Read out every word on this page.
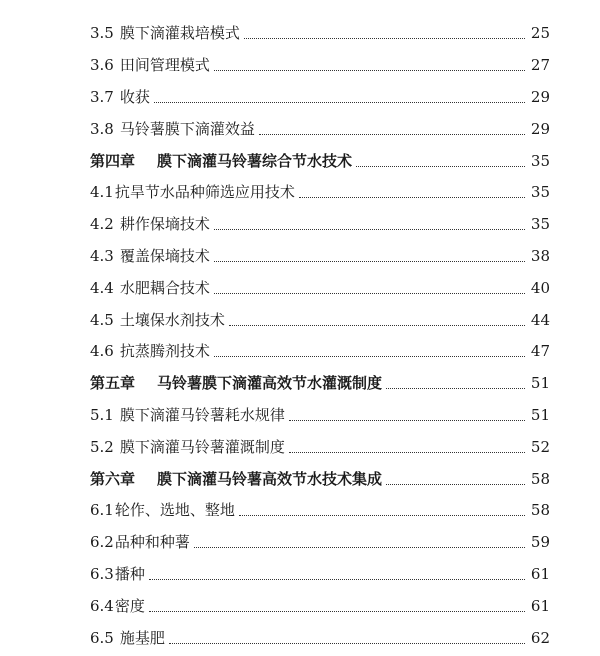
3.5 膜下滴灌栽培模式	25
3.6 田间管理模式	27
3.7 收获	29
3.8 马铃薯膜下滴灌效益	29
第四章 膜下滴灌马铃薯综合节水技术	35
4.1 抗旱节水品种筛选应用技术	35
4.2 耕作保墒技术	35
4.3 覆盖保墒技术	38
4.4 水肥耦合技术	40
4.5 土壤保水剂技术	44
4.6 抗蒸腾剂技术	47
第五章 马铃薯膜下滴灌高效节水灌溉制度	51
5.1 膜下滴灌马铃薯耗水规律	51
5.2 膜下滴灌马铃薯灌溉制度	52
第六章 膜下滴灌马铃薯高效节水技术集成	58
6.1 轮作、选地、整地	58
6.2 品种和种薯	59
6.3 播种	61
6.4 密度	61
6.5 施基肥	62
